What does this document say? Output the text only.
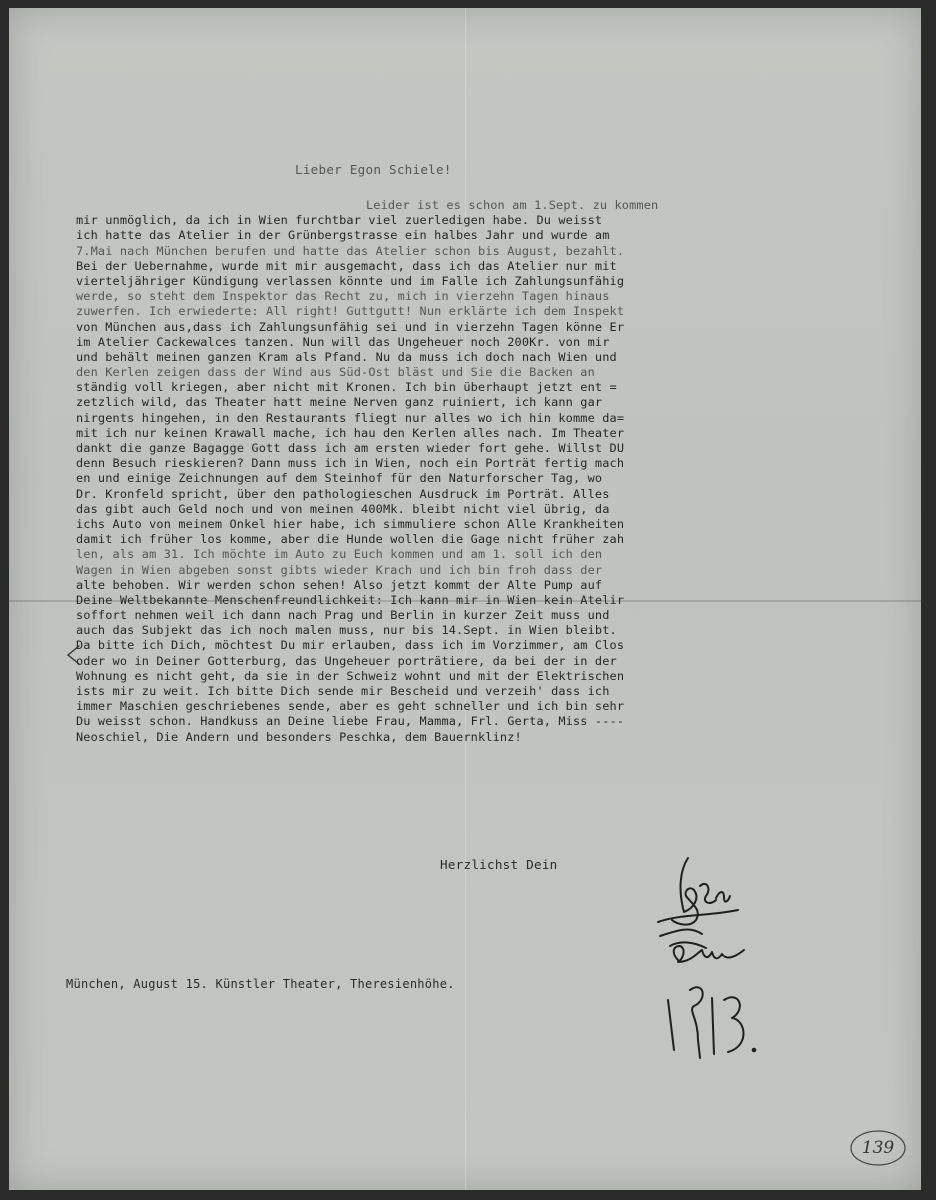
Lieber Egon Schiele!
Leider ist es schon am 1.Sept. zu kommen
mir unmöglich, da ich in Wien furchtbar viel zuerledigen habe. Du weisst
ich hatte das Atelier in der Grünbergstrasse ein halbes Jahr und wurde am
7.Mai nach München berufen und hatte das Atelier schon bis August, bezahlt.
Bei der Uebernahme, wurde mit mir ausgemacht, dass ich das Atelier nur mit
vierteljähriger Kündigung verlassen könnte und im Falle ich Zahlungsunfähig
werde, so steht dem Inspektor das Recht zu, mich in vierzehn Tagen hinaus
zuwerfen. Ich erwiederte: All right! Guttgutt! Nun erklärte ich dem Inspekt
von München aus,dass ich Zahlungsunfähig sei und in vierzehn Tagen könne Er
im Atelier Cackewalces tanzen. Nun will das Ungeheuer noch 200Kr. von mir
und behält meinen ganzen Kram als Pfand. Nu da muss ich doch nach Wien und
den Kerlen zeigen dass der Wind aus Süd-Ost bläst und Sie die Backen an
ständig voll kriegen, aber nicht mit Kronen. Ich bin überhaupt jetzt ent =
zetzlich wild, das Theater hatt meine Nerven ganz ruiniert, ich kann gar
nirgents hingehen, in den Restaurants fliegt nur alles wo ich hin komme da=
mit ich nur keinen Krawall mache, ich hau den Kerlen alles nach. Im Theater
dankt die ganze Bagagge Gott dass ich am ersten wieder fort gehe. Willst DU
denn Besuch rieskieren? Dann muss ich in Wien, noch ein Porträt fertig mach
en und einige Zeichnungen auf dem Steinhof für den Naturforscher Tag, wo
Dr. Kronfeld spricht, über den pathologieschen Ausdruck im Porträt. Alles
das gibt auch Geld noch und von meinen 400Mk. bleibt nicht viel übrig, da
ichs Auto von meinem Onkel hier habe, ich simmuliere schon Alle Krankheiten
damit ich früher los komme, aber die Hunde wollen die Gage nicht früher zah
len, als am 31. Ich möchte im Auto zu Euch kommen und am 1. soll ich den
Wagen in Wien abgeben sonst gibts wieder Krach und ich bin froh dass der
alte behoben. Wir werden schon sehen! Also jetzt kommt der Alte Pump auf
Deine Weltbekannte Menschenfreundlichkeit: Ich kann mir in Wien kein Atelir
soffort nehmen weil ich dann nach Prag und Berlin in kurzer Zeit muss und
auch das Subjekt das ich noch malen muss, nur bis 14.Sept. in Wien bleibt.
Da bitte ich Dich, möchtest Du mir erlauben, dass ich im Vorzimmer, am Clos
oder wo in Deiner Gotterburg, das Ungeheuer porträtiere, da bei der in der
Wohnung es nicht geht, da sie in der Schweiz wohnt und mit der Elektrischen
ists mir zu weit. Ich bitte Dich sende mir Bescheid und verzeih' dass ich
immer Maschien geschriebenes sende, aber es geht schneller und ich bin sehr
Du weisst schon. Handkuss an Deine liebe Frau, Mamma, Frl. Gerta, Miss ----
Neoschiel, Die Andern und besonders Peschka, dem Bauernklinz!
Herzlichst Dein
München, August 15. Künstler Theater, Theresienhöhe.
139
